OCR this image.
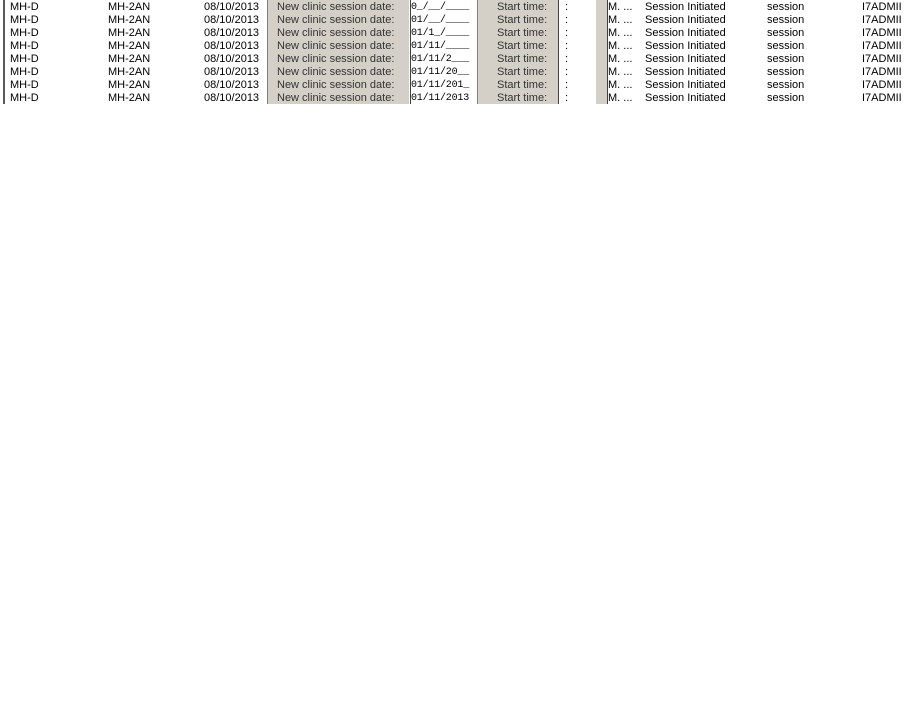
MH-D	MH-2AN	08/10/2013	New clinic session date:	0_/__/____	Start time:	:	M. ...	Session Initiated	session	I7ADMII
MH-D	MH-2AN	08/10/2013	New clinic session date:	01/__/____	Start time:	:	M. ...	Session Initiated	session	I7ADMII
MH-D	MH-2AN	08/10/2013	New clinic session date:	01/1_/____	Start time:	:	M. ...	Session Initiated	session	I7ADMII
MH-D	MH-2AN	08/10/2013	New clinic session date:	01/11/____	Start time:	:	M. ...	Session Initiated	session	I7ADMII
MH-D	MH-2AN	08/10/2013	New clinic session date:	01/11/2___	Start time:	:	M. ...	Session Initiated	session	I7ADMII
MH-D	MH-2AN	08/10/2013	New clinic session date:	01/11/20__	Start time:	:	M. ...	Session Initiated	session	I7ADMII
MH-D	MH-2AN	08/10/2013	New clinic session date:	01/11/201_	Start time:	:	M. ...	Session Initiated	session	I7ADMII
MH-D	MH-2AN	08/10/2013	New clinic session date:	01/11/2013	Start time:	:	M. ...	Session Initiated	session	I7ADMII
